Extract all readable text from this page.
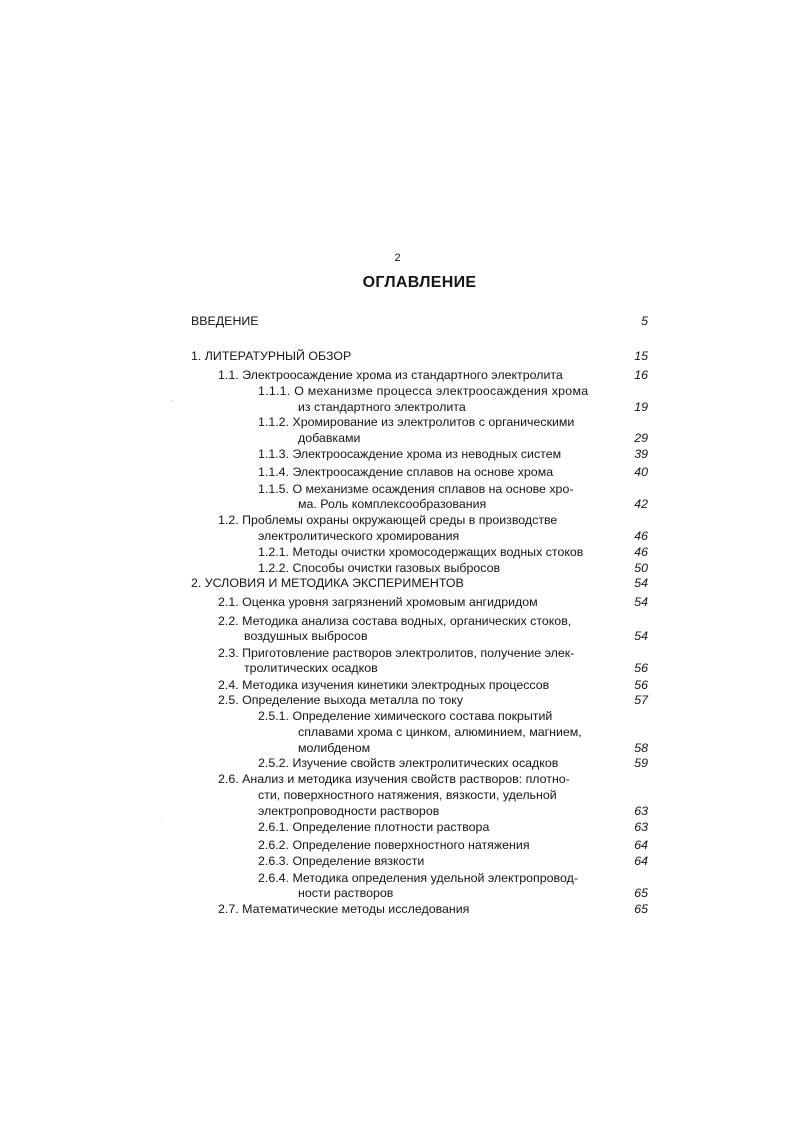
2
ОГЛАВЛЕНИЕ
ВВЕДЕНИЕ	5
1. ЛИТЕРАТУРНЫЙ ОБЗОР	15
1.1. Электроосаждение хрома из стандартного электролита	16
1.1.1. О механизме процесса электроосаждения хрома
из стандартного электролита	19
1.1.2. Хромирование из электролитов с органическими
добавками	29
1.1.3. Электроосаждение хрома из неводных систем	39
1.1.4. Электроосаждение сплавов на основе хрома	40
1.1.5. О механизме осаждения сплавов на основе хро-
ма. Роль комплексообразования	42
1.2. Проблемы охраны окружающей среды в производстве
электролитического хромирования	46
1.2.1. Методы очистки хромосодержащих водных стоков	46
1.2.2. Способы очистки газовых выбросов	50
2. УСЛОВИЯ И МЕТОДИКА ЭКСПЕРИМЕНТОВ	54
2.1. Оценка уровня загрязнений хромовым ангидридом	54
2.2. Методика анализа состава водных, органических стоков,
воздушных выбросов	54
2.3. Приготовление растворов электролитов, получение элек-
тролитических осадков	56
2.4. Методика изучения кинетики электродных процессов	56
2.5. Определение выхода металла по току	57
2.5.1. Определение химического состава покрытий
сплавами хрома с цинком, алюминием, магнием,
молибденом	58
2.5.2. Изучение свойств электролитических осадков	59
2.6. Анализ и методика изучения свойств растворов: плотно-
сти, поверхностного натяжения, вязкости, удельной
электропроводности растворов	63
2.6.1. Определение плотности раствора	63
2.6.2. Определение поверхностного натяжения	64
2.6.3. Определение вязкости	64
2.6.4. Методика определения удельной электропровод-
ности растворов	65
2.7. Математические методы исследования	65
